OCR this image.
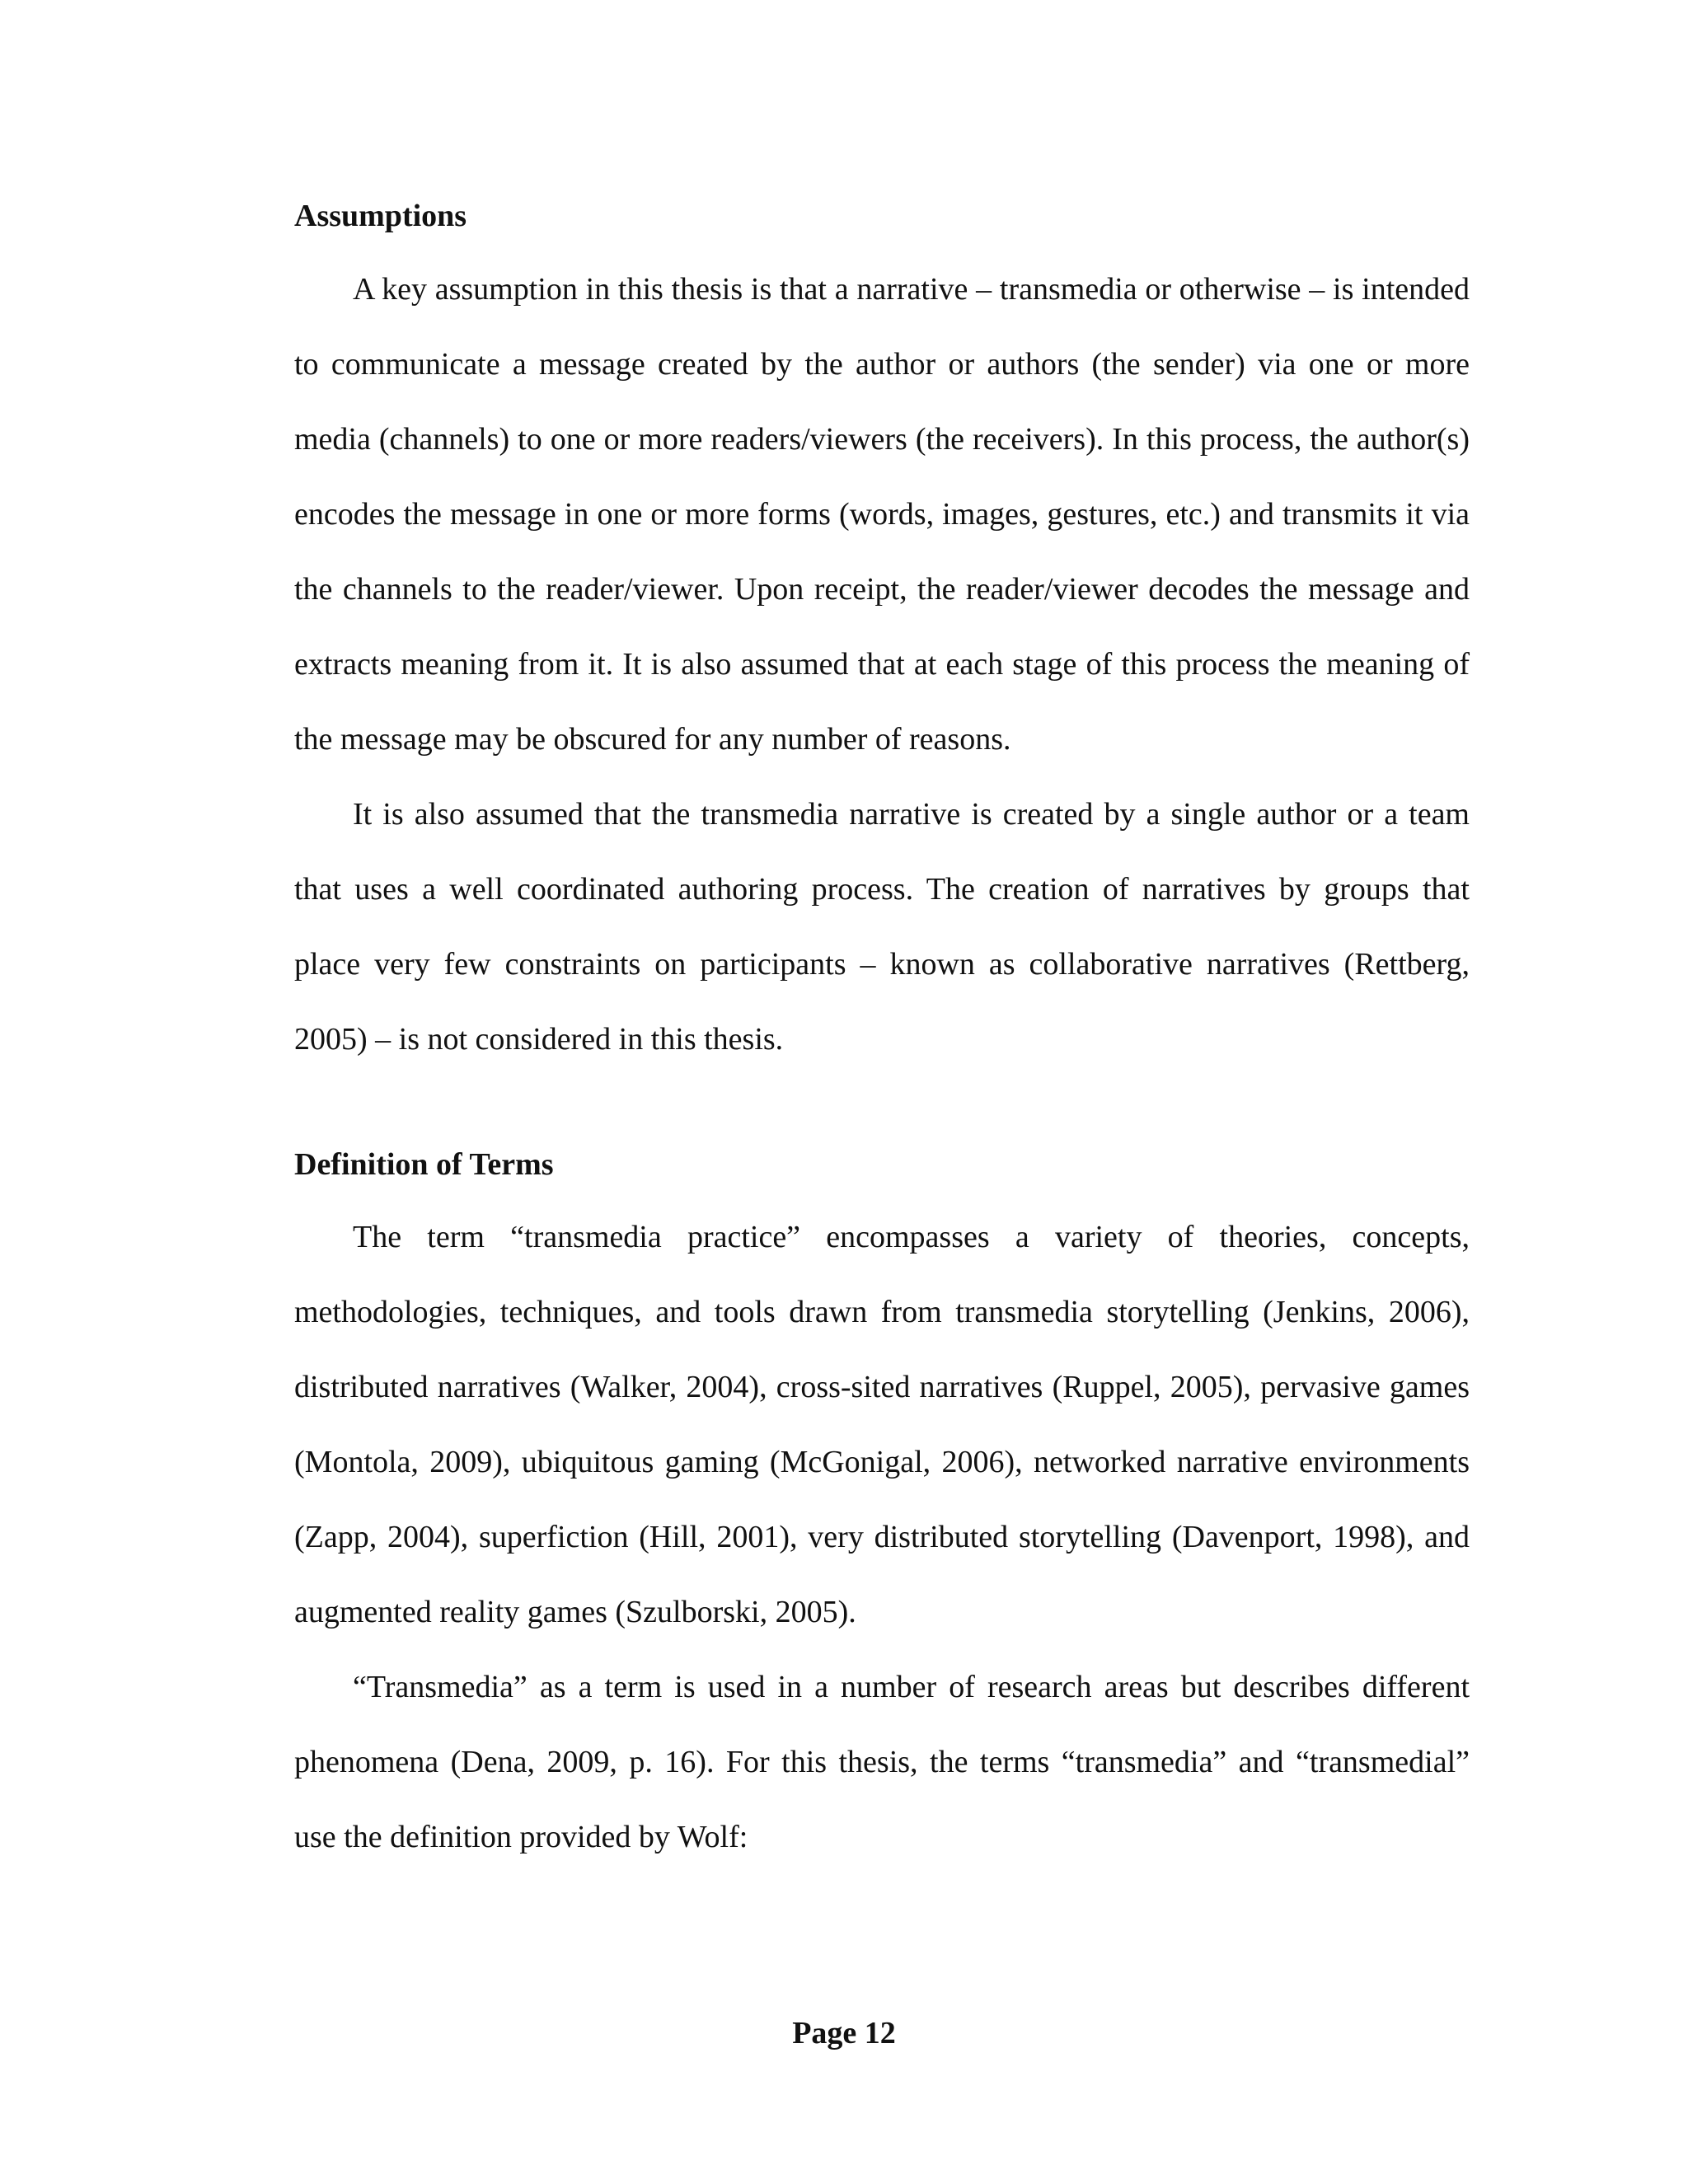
Assumptions

A key assumption in this thesis is that a narrative – transmedia or otherwise – is intended to communicate a message created by the author or authors (the sender) via one or more media (channels) to one or more readers/viewers (the receivers). In this process, the author(s) encodes the message in one or more forms (words, images, gestures, etc.) and transmits it via the channels to the reader/viewer. Upon receipt, the reader/viewer decodes the message and extracts meaning from it. It is also assumed that at each stage of this process the meaning of the message may be obscured for any number of reasons.

It is also assumed that the transmedia narrative is created by a single author or a team that uses a well coordinated authoring process. The creation of narratives by groups that place very few constraints on participants – known as collaborative narratives (Rettberg, 2005) – is not considered in this thesis.

Definition of Terms

The term “transmedia practice” encompasses a variety of theories, concepts, methodologies, techniques, and tools drawn from transmedia storytelling (Jenkins, 2006), distributed narratives (Walker, 2004), cross-sited narratives (Ruppel, 2005), pervasive games (Montola, 2009), ubiquitous gaming (McGonigal, 2006), networked narrative environments (Zapp, 2004), superfiction (Hill, 2001), very distributed storytelling (Davenport, 1998), and augmented reality games (Szulborski, 2005).

“Transmedia” as a term is used in a number of research areas but describes different phenomena (Dena, 2009, p. 16). For this thesis, the terms “transmedia” and “transmedial” use the definition provided by Wolf:

Page 12
